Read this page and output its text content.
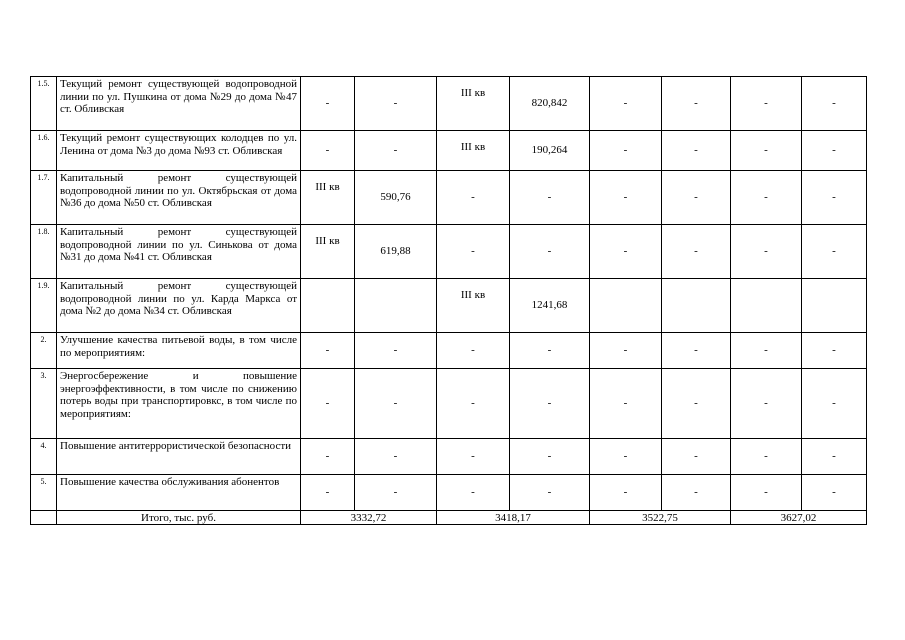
1.5.	Текущий ремонт существующей водопроводной линии по ул. Пушкина от дома №29 до дома №47 ст. Обливская	-	-	III кв	820,842	-	-	-	-
1.6.	Текущий ремонт существующих колодцев по ул. Ленина от дома №3 до дома №93 ст. Обливская	-	-	III кв	190,264	-	-	-	-
1.7.	Капитальный ремонт существующей водопроводной линии по ул. Октябрьская от дома №36 до дома №50 ст. Обливская	III кв	590,76	-	-	-	-	-	-
1.8.	Капитальный ремонт существующей водопроводной линии по ул. Синькова от дома №31 до дома №41 ст. Обливская	III кв	619,88	-	-	-	-	-	-
1.9.	Капитальный ремонт существующей водопроводной линии по ул. Карда Маркса от дома №2 до дома №34 ст. Обливская			III кв	1241,68				
2.	Улучшение качества питьевой воды, в том числе по мероприятиям:	-	-	-	-	-	-	-	-
3.	Энергосбережение и повышение энергоэффективности, в том числе по снижению потерь воды при транспортировкс, в том числе по мероприятиям:	-	-	-	-	-	-	-	-
4.	Повышение антитеррористической безопасности	-	-	-	-	-	-	-	-
5.	Повышение качества обслуживания абонентов	-	-	-	-	-	-	-	-
	Итого, тыс. руб.	3332,72		3418,17		3522,75		3627,02	
